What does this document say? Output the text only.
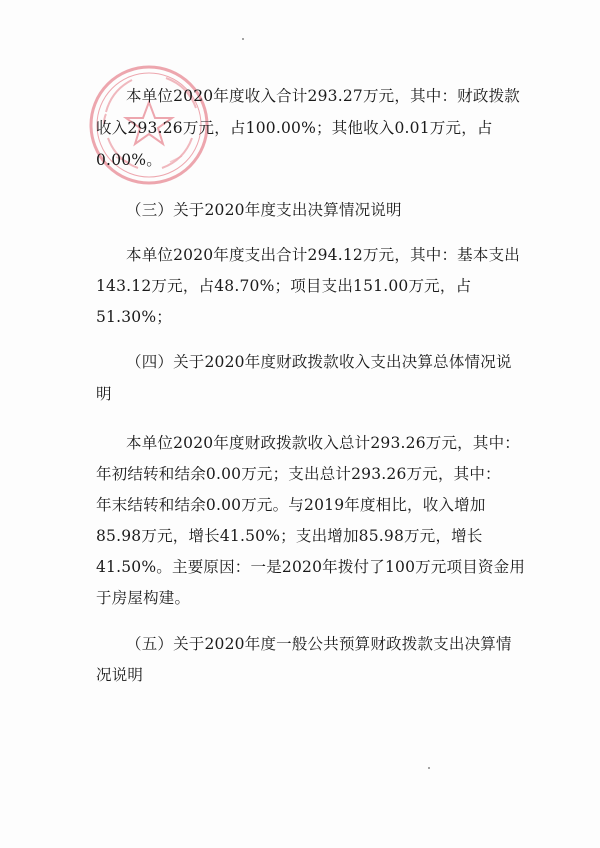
本单位2020年度收入合计293.27万元，其中：财政拨款
收入293.26万元，占100.00%；其他收入0.01万元，占
0.00%。
（三）关于2020年度支出决算情况说明
本单位2020年度支出合计294.12万元，其中：基本支出
143.12万元，占48.70%；项目支出151.00万元，占
51.30%；
（四）关于2020年度财政拨款收入支出决算总体情况说
明
本单位2020年度财政拨款收入总计293.26万元，其中：
年初结转和结余0.00万元；支出总计293.26万元，其中：
年末结转和结余0.00万元。与2019年度相比，收入增加
85.98万元，增长41.50%；支出增加85.98万元，增长
41.50%。主要原因：一是2020年拨付了100万元项目资金用
于房屋构建。
（五）关于2020年度一般公共预算财政拨款支出决算情
况说明
